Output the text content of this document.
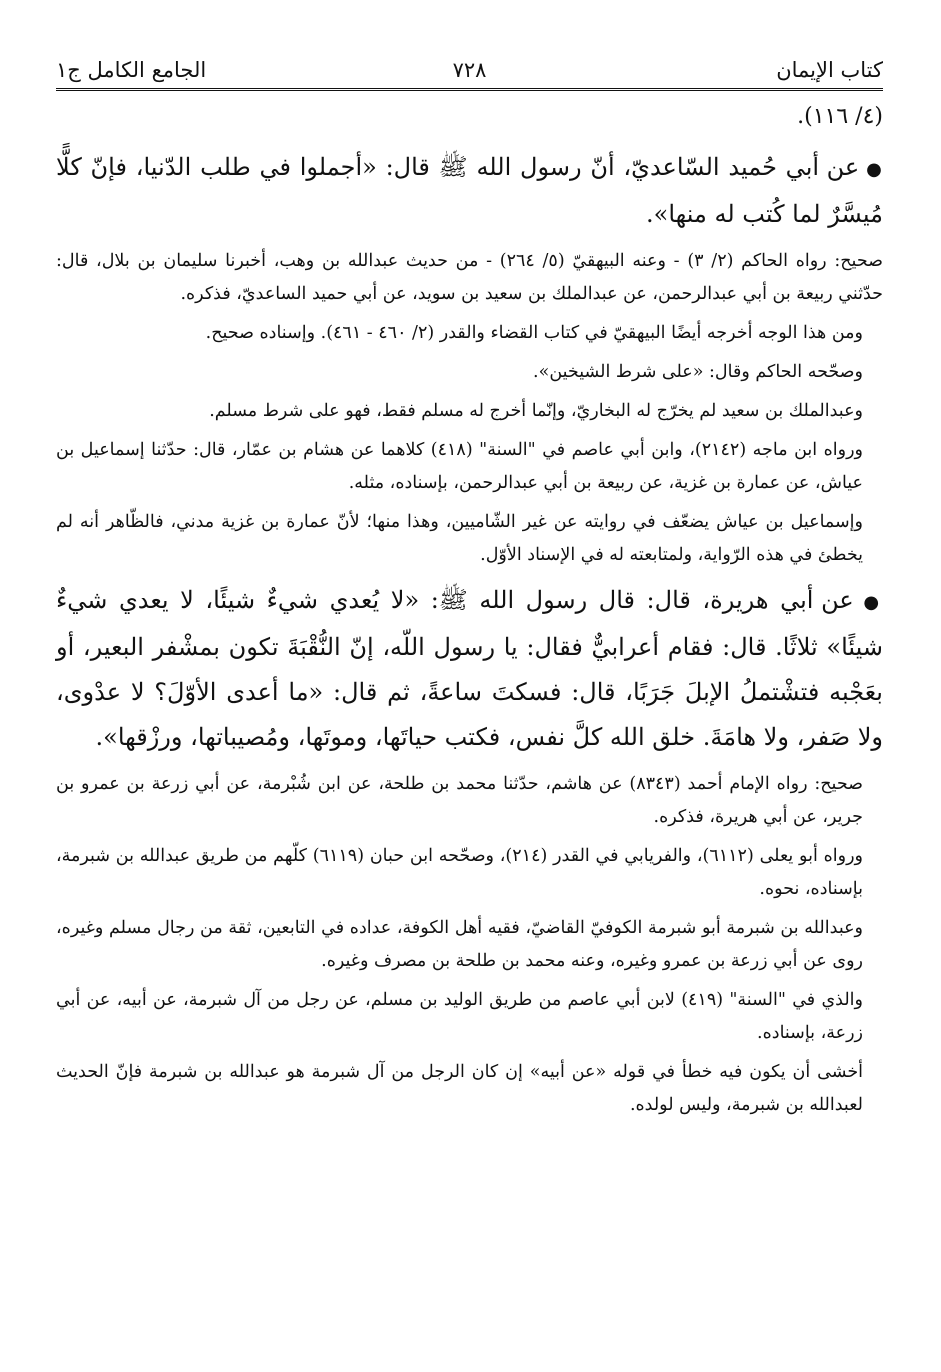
كتاب الإيمان
٧٢٨
الجامع الكامل ج١

(٤/ ١١٦).

● عن أبي حُميد السّاعديّ، أنّ رسول الله ﷺ قال: «أجملوا في طلب الدّنيا، فإنّ كلًّا مُيسَّرٌ لما كُتب له منها».

صحيح: رواه الحاكم (٢/ ٣) - وعنه البيهقيّ (٥/ ٢٦٤) - من حديث عبدالله بن وهب، أخبرنا سليمان بن بلال، قال: حدّثني ربيعة بن أبي عبدالرحمن، عن عبدالملك بن سعيد بن سويد، عن أبي حميد الساعديّ، فذكره.

ومن هذا الوجه أخرجه أيضًا البيهقيّ في كتاب القضاء والقدر (٢/ ٤٦٠ - ٤٦١). وإسناده صحيح.

وصحّحه الحاكم وقال: «على شرط الشيخين».

وعبدالملك بن سعيد لم يخرّج له البخاريّ، وإنّما أخرج له مسلم فقط، فهو على شرط مسلم.

ورواه ابن ماجه (٢١٤٢)، وابن أبي عاصم في "السنة" (٤١٨) كلاهما عن هشام بن عمّار، قال: حدّثنا إسماعيل بن عياش، عن عمارة بن غزية، عن ربيعة بن أبي عبدالرحمن، بإسناده، مثله.

وإسماعيل بن عياش يضعّف في روايته عن غير الشّاميين، وهذا منها؛ لأنّ عمارة بن غزية مدني، فالظّاهر أنه لم يخطئ في هذه الرّواية، ولمتابعته له في الإسناد الأوّل.

● عن أبي هريرة، قال: قال رسول الله ﷺ: «لا يُعدي شيءٌ شيئًا، لا يعدي شيءٌ شيئًا» ثلاثًا. قال: فقام أعرابيٌّ فقال: يا رسول اللّه، إنّ النُّقْبَةَ تكون بمشْفر البعير، أو بعَجْبه فتشْتملُ الإبلَ جَرَبًا، قال: فسكتَ ساعةً، ثم قال: «ما أعدى الأوّلَ؟ لا عدْوى، ولا صَفر، ولا هامَةَ. خلق الله كلَّ نفس، فكتب حياتَها، وموتَها، ومُصيباتها، ورزْقها».

صحيح: رواه الإمام أحمد (٨٣٤٣) عن هاشم، حدّثنا محمد بن طلحة، عن ابن شُبْرمة، عن أبي زرعة بن عمرو بن جرير، عن أبي هريرة، فذكره.

ورواه أبو يعلى (٦١١٢)، والفريابي في القدر (٢١٤)، وصحّحه ابن حبان (٦١١٩) كلّهم من طريق عبدالله بن شبرمة، بإسناده، نحوه.

وعبدالله بن شبرمة أبو شبرمة الكوفيّ القاضيّ، فقيه أهل الكوفة، عداده في التابعين، ثقة من رجال مسلم وغيره، روى عن أبي زرعة بن عمرو وغيره، وعنه محمد بن طلحة بن مصرف وغيره.

والذي في "السنة" (٤١٩) لابن أبي عاصم من طريق الوليد بن مسلم، عن رجل من آل شبرمة، عن أبيه، عن أبي زرعة، بإسناده.

أخشى أن يكون فيه خطأ في قوله «عن أبيه» إن كان الرجل من آل شبرمة هو عبدالله بن شبرمة فإنّ الحديث لعبدالله بن شبرمة، وليس لولده.
